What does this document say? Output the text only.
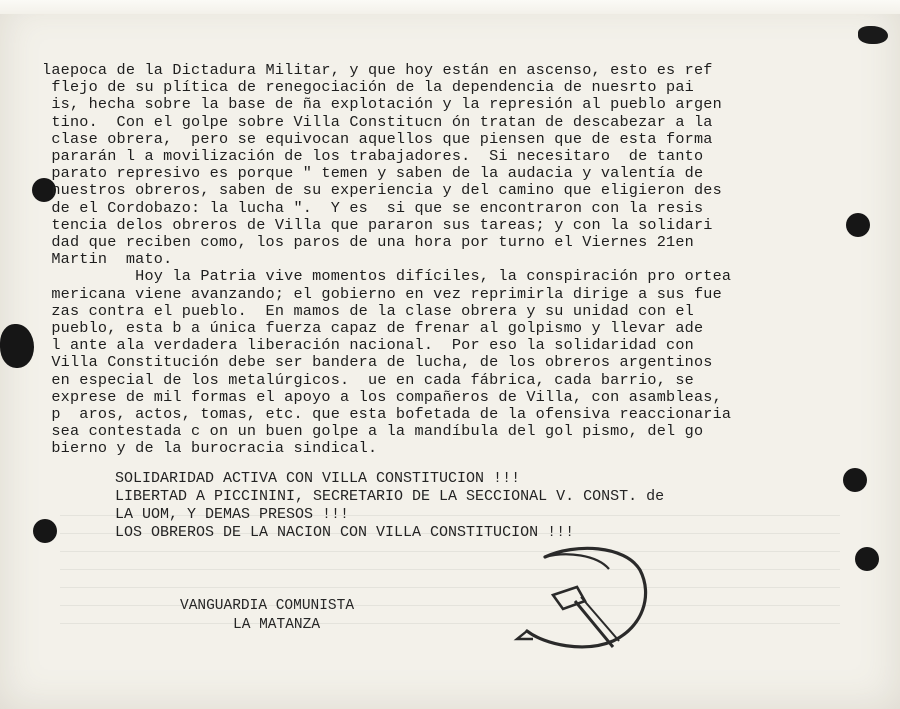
laepoca de la Dictadura Militar, y que hoy están en ascenso, esto es ref

flejo de su plítica de renegociación de la dependencia de nuesrto pai

is, hecha sobre la base de ña explotación y la represión al pueblo argen

tino.  Con el golpe sobre Villa Constitucn ón tratan de descabezar a la

clase obrera,  pero se equivocan aquellos que piensen que de esta forma

pararán l a movilización de los trabajadores.  Si necesitaro  de tanto

parato represivo es porque " temen y saben de la audacia y valentía de

nuestros obreros, saben de su experiencia y del camino que eligieron des

de el Cordobazo: la lucha ".  Y es  si que se encontraron con la resis

tencia delos obreros de Villa que pararon sus tareas; y con la solidari

dad que reciben como, los paros de una hora por turno el Viernes 21en

Martin  mato.

Hoy la Patria vive momentos difíciles, la conspiración pro orteа

mericana viene avanzando; el gobierno en vez reprimirla dirige a sus fue

zas contra el pueblo.  En mamos de la clase obrera y su unidad con el

pueblo, esta b a única fuerza capaz de frenar al golpismo y llevar ade

l ante ala verdadera liberación nacional.  Por eso la solidaridad con

Villa Constitución debe ser bandera de lucha, de los obreros argentinos

en especial de los metalúrgicos.  ue en cada fábrica, cada barrio, se

exprese de mil formas el apoyo a los compañeros de Villa, con asambleas,

p  aros, actos, tomas, etc. que esta bofetada de la ofensiva reaccionaria

sea contestada c on un buen golpe a la mandíbula del gol pismo, del go

bierno y de la burocracia sindical.

SOLIDARIDAD ACTIVA CON VILLA CONSTITUCION !!!

LIBERTAD A PICCININI, SECRETARIO DE LA SECCIONAL V. CONST. de

LA UOM, Y DEMAS PRESOS !!!

LOS OBREROS DE LA NACION CON VILLA CONSTITUCION !!!

VANGUARDIA COMUNISTA

LA MATANZA
